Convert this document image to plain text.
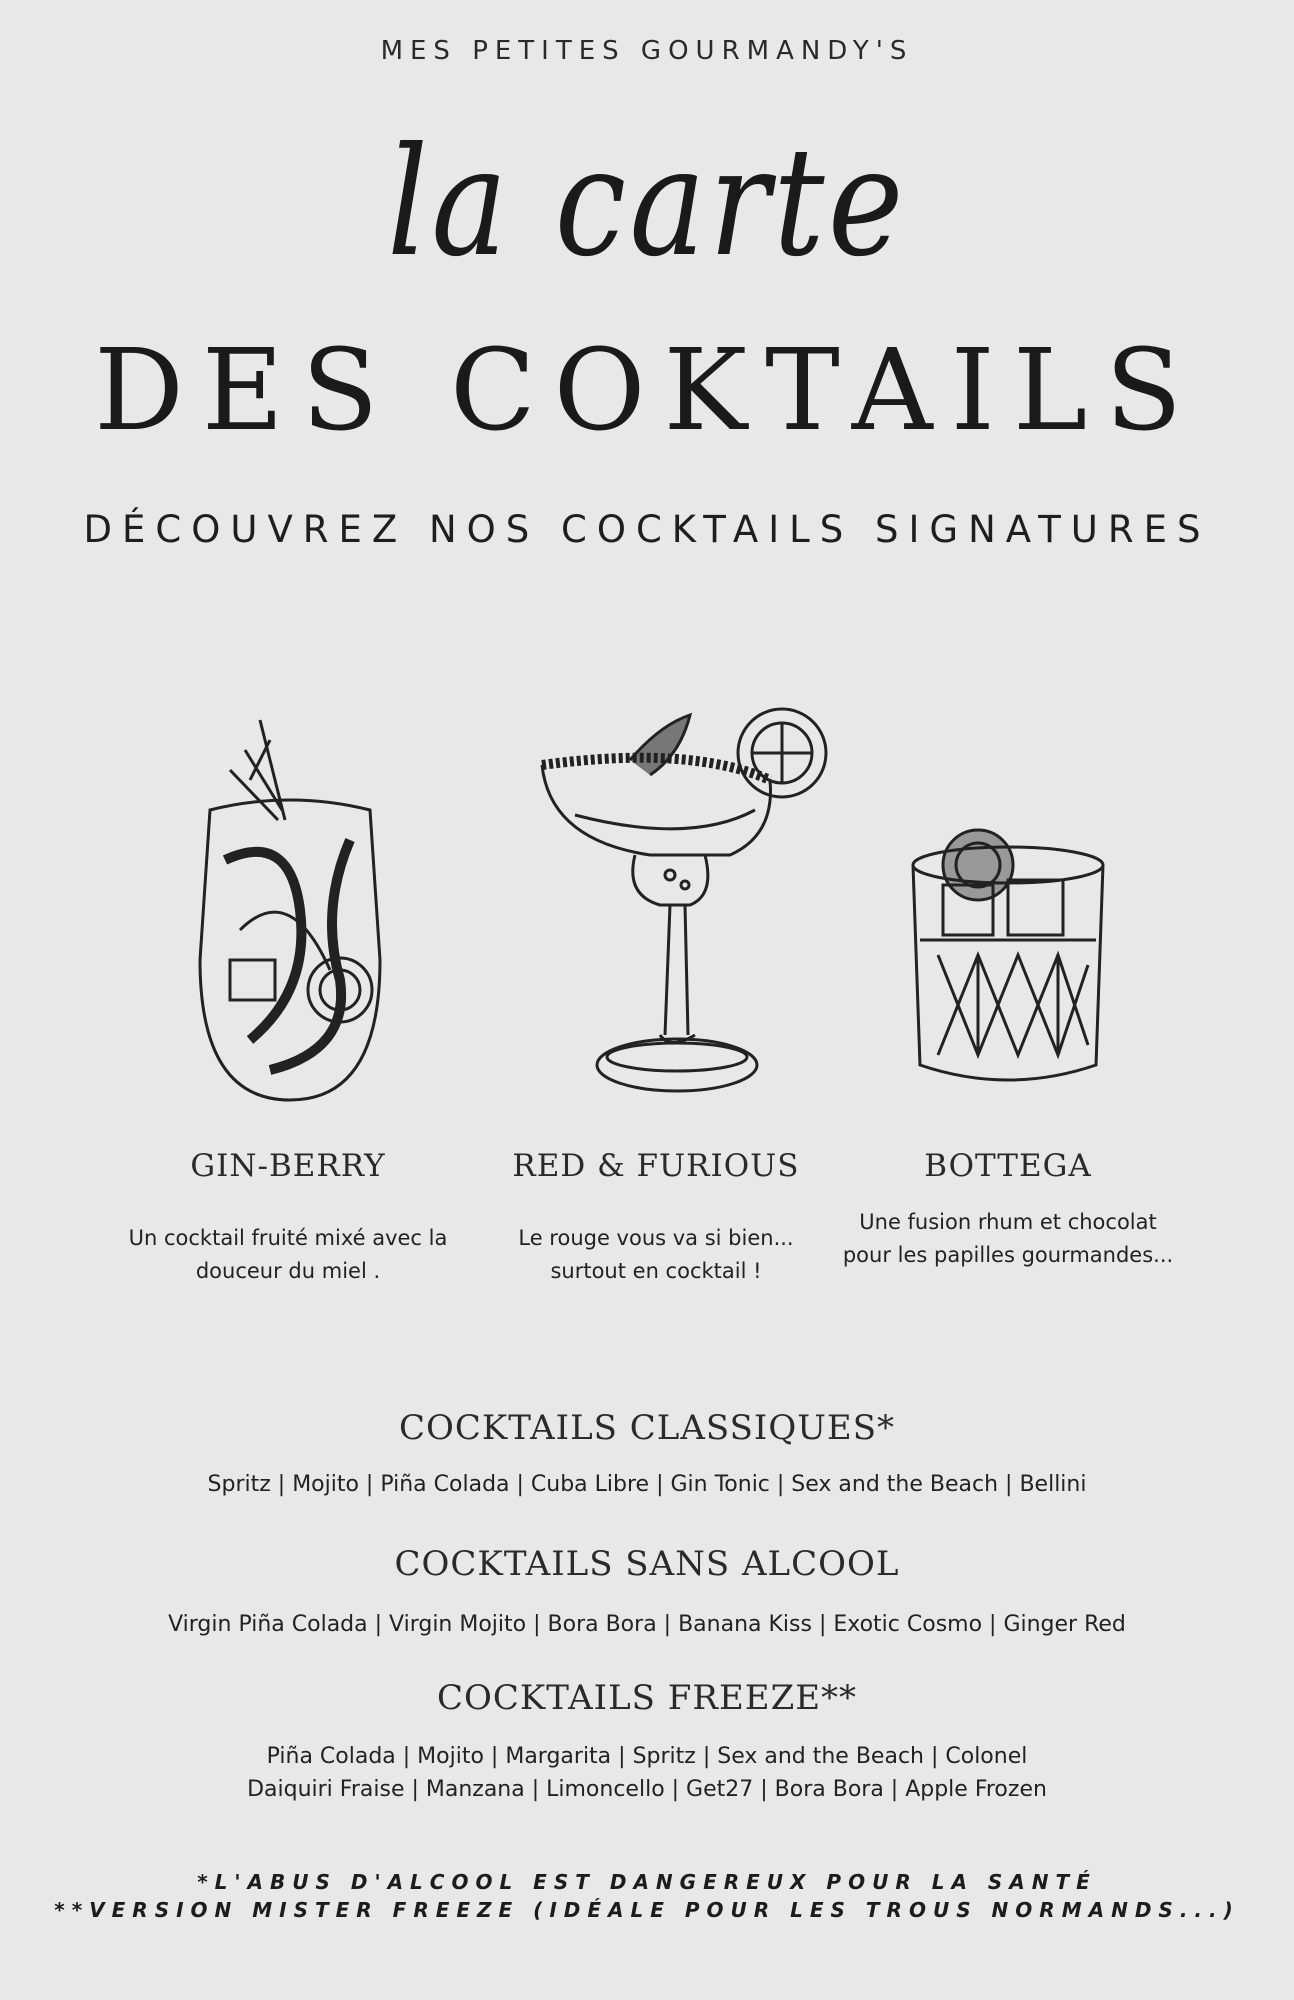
MES PETITES GOURMANDY'S
la carte
DES COKTAILS
DÉCOUVREZ NOS COCKTAILS SIGNATURES
GIN-BERRY	RED & FURIOUS	BOTTEGA
Un cocktail fruité mixé avec la douceur du miel .
Le rouge vous va si bien... surtout en cocktail !
Une fusion rhum et chocolat pour les papilles gourmandes...
COCKTAILS CLASSIQUES*
Spritz | Mojito | Piña Colada | Cuba Libre | Gin Tonic | Sex and the Beach | Bellini
COCKTAILS SANS ALCOOL
Virgin Piña Colada | Virgin Mojito | Bora Bora | Banana Kiss | Exotic Cosmo | Ginger Red
COCKTAILS FREEZE**
Piña Colada | Mojito | Margarita | Spritz | Sex and the Beach | Colonel
Daiquiri Fraise | Manzana | Limoncello | Get27 | Bora Bora | Apple Frozen
*L'ABUS D'ALCOOL EST DANGEREUX POUR LA SANTÉ
**VERSION MISTER FREEZE (IDÉALE POUR LES TROUS NORMANDS...)
